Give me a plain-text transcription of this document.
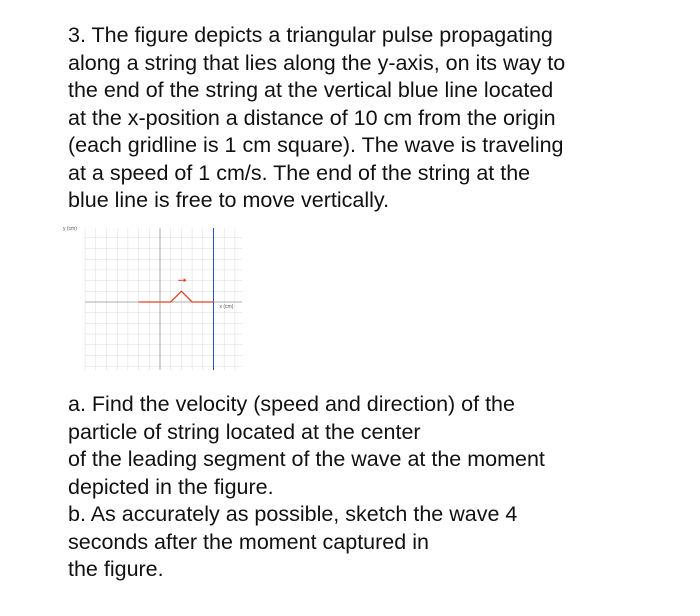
3. The figure depicts a triangular pulse propagating
along a string that lies along the y-axis, on its way to
the end of the string at the vertical blue line located
at the x-position a distance of 10 cm from the origin
(each gridline is 1 cm square). The wave is traveling
at a speed of 1 cm/s. The end of the string at the
blue line is free to move vertically.
y (cm)
x (cm)
a. Find the velocity (speed and direction) of the
particle of string located at the center
of the leading segment of the wave at the moment
depicted in the figure.
b. As accurately as possible, sketch the wave 4
seconds after the moment captured in
the figure.
